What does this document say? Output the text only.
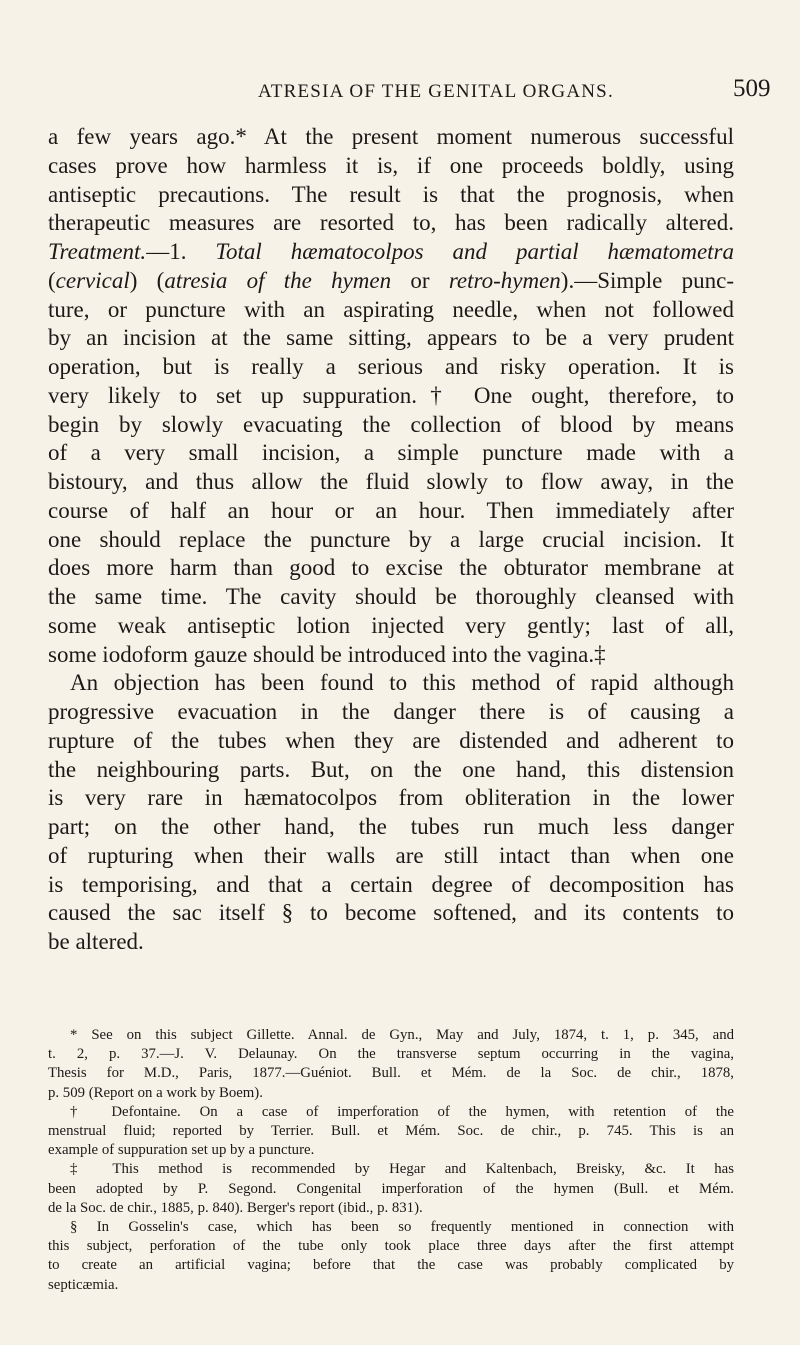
ATRESIA OF THE GENITAL ORGANS.	509
a few years ago.* At the present moment numerous successful
cases prove how harmless it is, if one proceeds boldly, using
antiseptic precautions. The result is that the prognosis, when
therapeutic measures are resorted to, has been radically altered.
Treatment.—1. Total hæmatocolpos and partial hæmatometra
(cervical) (atresia of the hymen or retro-hymen).—Simple punc-
ture, or puncture with an aspirating needle, when not followed
by an incision at the same sitting, appears to be a very prudent
operation, but is really a serious and risky operation. It is
very likely to set up suppuration.† One ought, therefore, to
begin by slowly evacuating the collection of blood by means
of a very small incision, a simple puncture made with a
bistoury, and thus allow the fluid slowly to flow away, in the
course of half an hour or an hour. Then immediately after
one should replace the puncture by a large crucial incision. It
does more harm than good to excise the obturator membrane at
the same time. The cavity should be thoroughly cleansed with
some weak antiseptic lotion injected very gently; last of all,
some iodoform gauze should be introduced into the vagina.‡
An objection has been found to this method of rapid although
progressive evacuation in the danger there is of causing a
rupture of the tubes when they are distended and adherent to
the neighbouring parts. But, on the one hand, this distension
is very rare in hæmatocolpos from obliteration in the lower
part; on the other hand, the tubes run much less danger
of rupturing when their walls are still intact than when one
is temporising, and that a certain degree of decomposition has
caused the sac itself § to become softened, and its contents to
be altered.
* See on this subject Gillette. Annal. de Gyn., May and July, 1874, t. 1, p. 345, and
t. 2, p. 37.—J. V. Delaunay. On the transverse septum occurring in the vagina,
Thesis for M.D., Paris, 1877.—Guéniot. Bull. et Mém. de la Soc. de chir., 1878,
p. 509 (Report on a work by Boem).
† Defontaine. On a case of imperforation of the hymen, with retention of the
menstrual fluid; reported by Terrier. Bull. et Mém. Soc. de chir., p. 745. This is an
example of suppuration set up by a puncture.
‡ This method is recommended by Hegar and Kaltenbach, Breisky, &c. It has
been adopted by P. Segond. Congenital imperforation of the hymen (Bull. et Mém.
de la Soc. de chir., 1885, p. 840). Berger's report (ibid., p. 831).
§ In Gosselin's case, which has been so frequently mentioned in connection with
this subject, perforation of the tube only took place three days after the first attempt
to create an artificial vagina; before that the case was probably complicated by
septicæmia.
